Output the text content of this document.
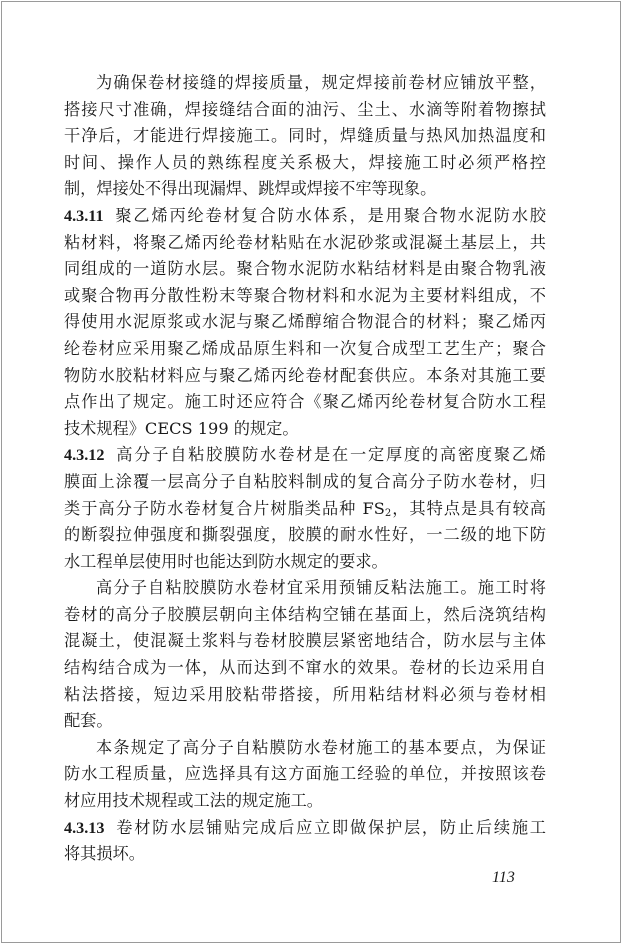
为确保卷材接缝的焊接质量，规定焊接前卷材应铺放平整，
搭接尺寸准确，焊接缝结合面的油污、尘土、水滴等附着物擦拭
干净后，才能进行焊接施工。同时，焊缝质量与热风加热温度和
时间、操作人员的熟练程度关系极大，焊接施工时必须严格控
制，焊接处不得出现漏焊、跳焊或焊接不牢等现象。
4.3.11 聚乙烯丙纶卷材复合防水体系，是用聚合物水泥防水胶
粘材料，将聚乙烯丙纶卷材粘贴在水泥砂浆或混凝土基层上，共
同组成的一道防水层。聚合物水泥防水粘结材料是由聚合物乳液
或聚合物再分散性粉末等聚合物材料和水泥为主要材料组成，不
得使用水泥原浆或水泥与聚乙烯醇缩合物混合的材料；聚乙烯丙
纶卷材应采用聚乙烯成品原生料和一次复合成型工艺生产；聚合
物防水胶粘材料应与聚乙烯丙纶卷材配套供应。本条对其施工要
点作出了规定。施工时还应符合《聚乙烯丙纶卷材复合防水工程
技术规程》CECS 199 的规定。
4.3.12 高分子自粘胶膜防水卷材是在一定厚度的高密度聚乙烯
膜面上涂覆一层高分子自粘胶料制成的复合高分子防水卷材，归
类于高分子防水卷材复合片树脂类品种 $FS_2$，其特点是具有较高
的断裂拉伸强度和撕裂强度，胶膜的耐水性好，一二级的地下防
水工程单层使用时也能达到防水规定的要求。
高分子自粘胶膜防水卷材宜采用预铺反粘法施工。施工时将
卷材的高分子胶膜层朝向主体结构空铺在基面上，然后浇筑结构
混凝土，使混凝土浆料与卷材胶膜层紧密地结合，防水层与主体
结构结合成为一体，从而达到不窜水的效果。卷材的长边采用自
粘法搭接，短边采用胶粘带搭接，所用粘结材料必须与卷材相
配套。
本条规定了高分子自粘膜防水卷材施工的基本要点，为保证
防水工程质量，应选择具有这方面施工经验的单位，并按照该卷
材应用技术规程或工法的规定施工。
4.3.13 卷材防水层铺贴完成后应立即做保护层，防止后续施工
将其损坏。
113
